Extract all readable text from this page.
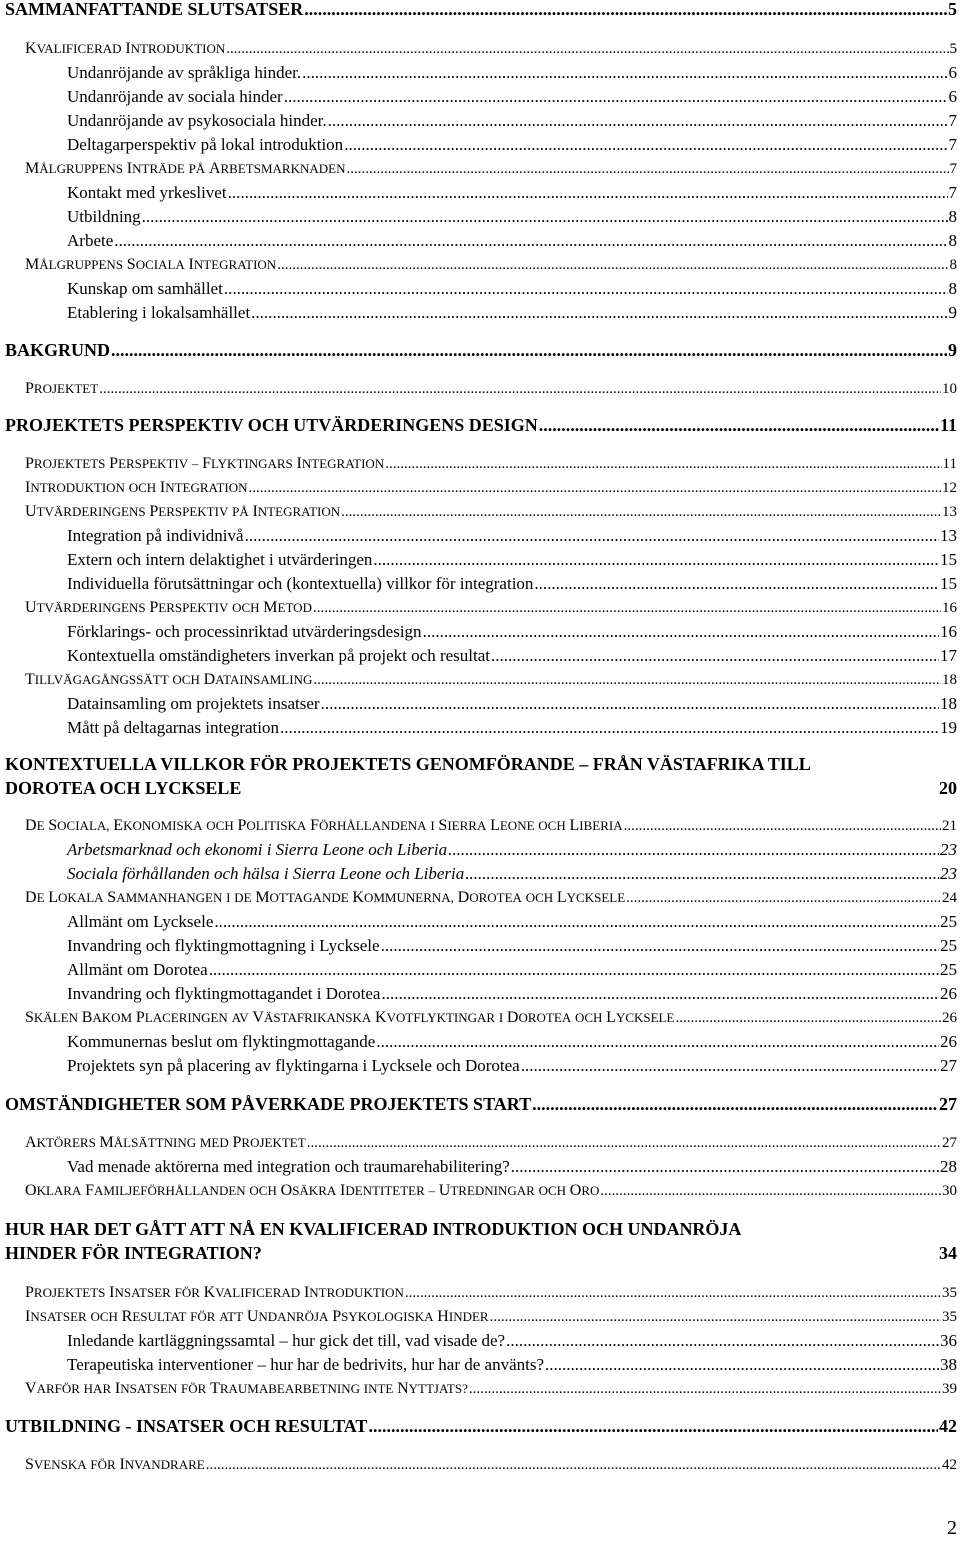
SAMMANFATTANDE SLUTSATSER .....	5
KVALIFICERAD INTRODUKTION .....	5
Undanröjande av språkliga hinder. .....	6
Undanröjande av sociala hinder .....	6
Undanröjande av psykosociala hinder. .....	7
Deltagarperspektiv på lokal introduktion .....	7
MÅLGRUPPENS INTRÄDE PÅ ARBETSMARKNADEN .....	7
Kontakt med yrkeslivet .....	7
Utbildning .....	8
Arbete .....	8
MÅLGRUPPENS SOCIALA INTEGRATION .....	8
Kunskap om samhället .....	8
Etablering i lokalsamhället .....	9
BAKGRUND .....	9
PROJEKTET .....	10
PROJEKTETS PERSPEKTIV OCH UTVÄRDERINGENS DESIGN .....	11
PROJEKTETS PERSPEKTIV – FLYKTINGARS INTEGRATION .....	11
INTRODUKTION OCH INTEGRATION .....	12
UTVÄRDERINGENS PERSPEKTIV PÅ INTEGRATION .....	13
Integration på individnivå .....	13
Extern och intern delaktighet i utvärderingen .....	15
Individuella förutsättningar och (kontextuella) villkor för integration .....	15
UTVÄRDERINGENS PERSPEKTIV OCH METOD .....	16
Förklarings- och processinriktad utvärderingsdesign .....	16
Kontextuella omständigheters inverkan på projekt och resultat .....	17
TILLVÄGAGÅNGSSÄTT OCH DATAINSAMLING .....	18
Datainsamling om projektets insatser .....	18
Mått på deltagarnas integration .....	19
KONTEXTUELLA VILLKOR FÖR PROJEKTETS GENOMFÖRANDE – FRÅN VÄSTAFRIKA TILL
DOROTEA OCH LYCKSELE	20
DE SOCIALA, EKONOMISKA OCH POLITISKA FÖRHÅLLANDENA I SIERRA LEONE OCH LIBERIA .....	21
Arbetsmarknad och ekonomi i Sierra Leone och Liberia .....	23
Sociala förhållanden och hälsa i Sierra Leone och Liberia .....	23
DE LOKALA SAMMANHANGEN I DE MOTTAGANDE KOMMUNERNA, DOROTEA OCH LYCKSELE .....	24
Allmänt om Lycksele .....	25
Invandring och flyktingmottagning i Lycksele .....	25
Allmänt om Dorotea .....	25
Invandring och flyktingmottagandet i Dorotea .....	26
SKÄLEN BAKOM PLACERINGEN AV VÄSTAFRIKANSKA KVOTFLYKTINGAR I DOROTEA OCH LYCKSELE .....	26
Kommunernas beslut om flyktingmottagande .....	26
Projektets syn på placering av flyktingarna i Lycksele och Dorotea .....	27
OMSTÄNDIGHETER SOM PÅVERKADE PROJEKTETS START .....	27
AKTÖRERS MÅLSÄTTNING MED PROJEKTET .....	27
Vad menade aktörerna med integration och traumarehabilitering? .....	28
OKLARA FAMILJEFÖRHÅLLANDEN OCH OSÄKRA IDENTITETER – UTREDNINGAR OCH ORO .....	30
HUR HAR DET GÅTT ATT NÅ EN KVALIFICERAD INTRODUKTION OCH UNDANRÖJA
HINDER FÖR INTEGRATION?	34
PROJEKTETS INSATSER FÖR KVALIFICERAD INTRODUKTION .....	35
INSATSER OCH RESULTAT FÖR ATT UNDANRÖJA PSYKOLOGISKA HINDER .....	35
Inledande kartläggningssamtal – hur gick det till, vad visade de? .....	36
Terapeutiska interventioner – hur har de bedrivits, hur har de använts? .....	38
VARFÖR HAR INSATSEN FÖR TRAUMABEARBETNING INTE NYTTJATS? .....	39
UTBILDNING - INSATSER OCH RESULTAT .....	42
SVENSKA FÖR INVANDRARE .....	42
2
